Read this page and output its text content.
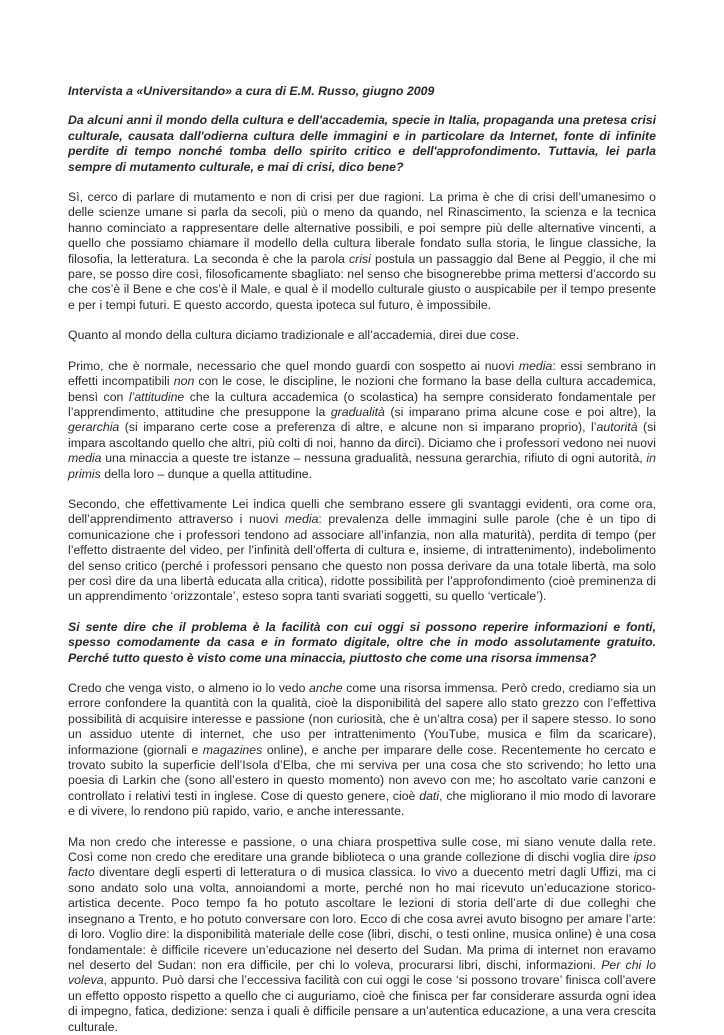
Intervista a «Universitando» a cura di E.M. Russo, giugno 2009

Da alcuni anni il mondo della cultura e dell'accademia, specie in Italia, propaganda una pretesa crisi culturale, causata dall'odierna cultura delle immagini e in particolare da Internet, fonte di infinite perdite di tempo nonché tomba dello spirito critico e dell'approfondimento. Tuttavia, lei parla sempre di mutamento culturale, e mai di crisi, dico bene?

Sì, cerco di parlare di mutamento e non di crisi per due ragioni. La prima è che di crisi dell’umanesimo o delle scienze umane si parla da secoli, più o meno da quando, nel Rinascimento, la scienza e la tecnica hanno cominciato a rappresentare delle alternative possibili, e poi sempre più delle alternative vincenti, a quello che possiamo chiamare il modello della cultura liberale fondato sulla storia, le lingue classiche, la filosofia, la letteratura. La seconda è che la parola crisi postula un passaggio dal Bene al Peggio, il che mi pare, se posso dire così, filosoficamente sbagliato: nel senso che bisognerebbe prima mettersi d’accordo su che cos’è il Bene e che cos’è il Male, e qual è il modello culturale giusto o auspicabile per il tempo presente e per i tempi futuri. E questo accordo, questa ipoteca sul futuro, è impossibile.

Quanto al mondo della cultura diciamo tradizionale e all’accademia, direi due cose.

Primo, che è normale, necessario che quel mondo guardi con sospetto ai nuovi media: essi sembrano in effetti incompatibili non con le cose, le discipline, le nozioni che formano la base della cultura accademica, bensì con l’attitudine che la cultura accademica (o scolastica) ha sempre considerato fondamentale per l’apprendimento, attitudine che presuppone la gradualità (si imparano prima alcune cose e poi altre), la gerarchia (si imparano certe cose a preferenza di altre, e alcune non si imparano proprio), l’autorità (si impara ascoltando quello che altri, più colti di noi, hanno da dirci). Diciamo che i professori vedono nei nuovi media una minaccia a queste tre istanze – nessuna gradualità, nessuna gerarchia, rifiuto di ogni autorità, in primis della loro – dunque a quella attitudine.

Secondo, che effettivamente Lei indica quelli che sembrano essere gli svantaggi evidenti, ora come ora, dell’apprendimento attraverso i nuovi media: prevalenza delle immagini sulle parole (che è un tipo di comunicazione che i professori tendono ad associare all’infanzia, non alla maturità), perdita di tempo (per l’effetto distraente del video, per l’infinità dell’offerta di cultura e, insieme, di intrattenimento), indebolimento del senso critico (perché i professori pensano che questo non possa derivare da una totale libertà, ma solo per così dire da una libertà educata alla critica), ridotte possibilità per l’approfondimento (cioè preminenza di un apprendimento ‘orizzontale’, esteso sopra tanti svariati soggetti, su quello ‘verticale’).

Si sente dire che il problema è la facilità con cui oggi si possono reperire informazioni e fonti, spesso comodamente da casa e in formato digitale, oltre che in modo assolutamente gratuito. Perché tutto questo è visto come una minaccia, piuttosto che come una risorsa immensa?

Credo che venga visto, o almeno io lo vedo anche come una risorsa immensa. Però credo, crediamo sia un errore confondere la quantità con la qualità, cioè la disponibilità del sapere allo stato grezzo con l’effettiva possibilità di acquisire interesse e passione (non curiosità, che è un’altra cosa) per il sapere stesso. Io sono un assiduo utente di internet, che uso per intrattenimento (YouTube, musica e film da scaricare), informazione (giornali e magazines online), e anche per imparare delle cose. Recentemente ho cercato e trovato subito la superficie dell’Isola d’Elba, che mi serviva per una cosa che sto scrivendo; ho letto una poesia di Larkin che (sono all’estero in questo momento) non avevo con me; ho ascoltato varie canzoni e controllato i relativi testi in inglese. Cose di questo genere, cioè dati, che migliorano il mio modo di lavorare e di vivere, lo rendono più rapido, vario, e anche interessante.

Ma non credo che interesse e passione, o una chiara prospettiva sulle cose, mi siano venute dalla rete. Così come non credo che ereditare una grande biblioteca o una grande collezione di dischi voglia dire ipso facto diventare degli esperti di letteratura o di musica classica. Io vivo a duecento metri dagli Uffizi, ma ci sono andato solo una volta, annoiandomi a morte, perché non ho mai ricevuto un’educazione storico-artistica decente. Poco tempo fa ho potuto ascoltare le lezioni di storia dell’arte di due colleghi che insegnano a Trento, e ho potuto conversare con loro. Ecco di che cosa avrei avuto bisogno per amare l’arte: di loro. Voglio dire: la disponibilità materiale delle cose (libri, dischi, o testi online, musica online) è una cosa fondamentale: è difficile ricevere un’educazione nel deserto del Sudan. Ma prima di internet non eravamo nel deserto del Sudan: non era difficile, per chi lo voleva, procurarsi libri, dischi, informazioni. Per chi lo voleva, appunto. Può darsi che l’eccessiva facilità con cui oggi le cose ‘si possono trovare’ finisca coll’avere un effetto opposto rispetto a quello che ci auguriamo, cioè che finisca per far considerare assurda ogni idea di impegno, fatica, dedizione: senza i quali è difficile pensare a un’autentica educazione, a una vera crescita culturale.
